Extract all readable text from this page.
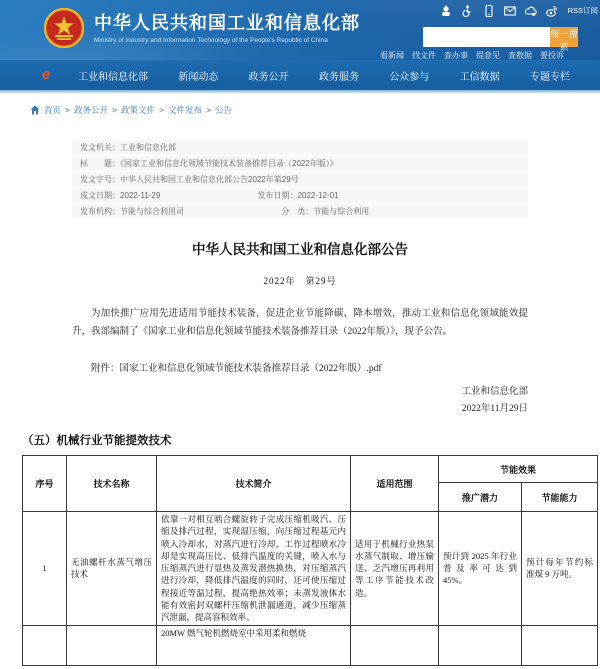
中华人民共和国工业和信息化部
Ministry of Industry and Information Technology of the People's Republic of China
RSS订阅
统一搜索
看新闻 找文件 查办事 提意见 查数据 要投诉
e	工业和信息化部	新闻动态	政务公开	政务服务	公众参与	工信数据	专题专栏
首页 > 政务公开 > 政策文件 > 文件发布 > 公告
发文机关：工业和信息化部
标　　题：《国家工业和信息化领域节能技术装备推荐目录（2022年版）》
发文字号：中华人民共和国工业和信息化部公告2022年第29号
成文日期：2022-11-29	发布日期：2022-12-01
发布机构：节能与综合利用司	分　类：节能与综合利用
中华人民共和国工业和信息化部公告
2022年　第29号
为加快推广应用先进适用节能技术装备，促进企业节能降碳、降本增效，推动工业和信息化领域能效提升，我部编制了《国家工业和信息化领域节能技术装备推荐目录（2022年版）》，现予公告。
附件：国家工业和信息化领域节能技术装备推荐目录（2022年版）.pdf
工业和信息化部
2022年11月29日
（五）机械行业节能提效技术
序号	技术名称	技术简介	适用范围	节能效果	
				推广潜力	节能能力
1	无油螺杆水蒸气增压技术	依靠一对相互啮合螺旋转子完成压缩机吸汽、压缩及排汽过程，实现湿压缩，向压缩过程基元内喷入冷却水，对蒸汽进行冷却。工作过程喷水冷却是实现高压比、低排汽温度的关键，喷入水与压缩蒸汽进行显热及蒸发潜热换热，对压缩蒸汽进行冷却，降低排汽温度的同时，还可使压缩过程接近等温过程，提高绝热效率；未蒸发液体水能有效密封双螺杆压缩机泄漏通道，减少压缩蒸汽泄漏，提高容积效率。	适用于机械行业热泵水蒸气制取、增压输送、乏汽增压再利用等工序节能技术改造。	预计到 2025 年行业普及率可达到 45%。	预计每年节约标准煤 9 万吨。
		20MW 燃气轮机燃烧室中采用柔和燃烧			
